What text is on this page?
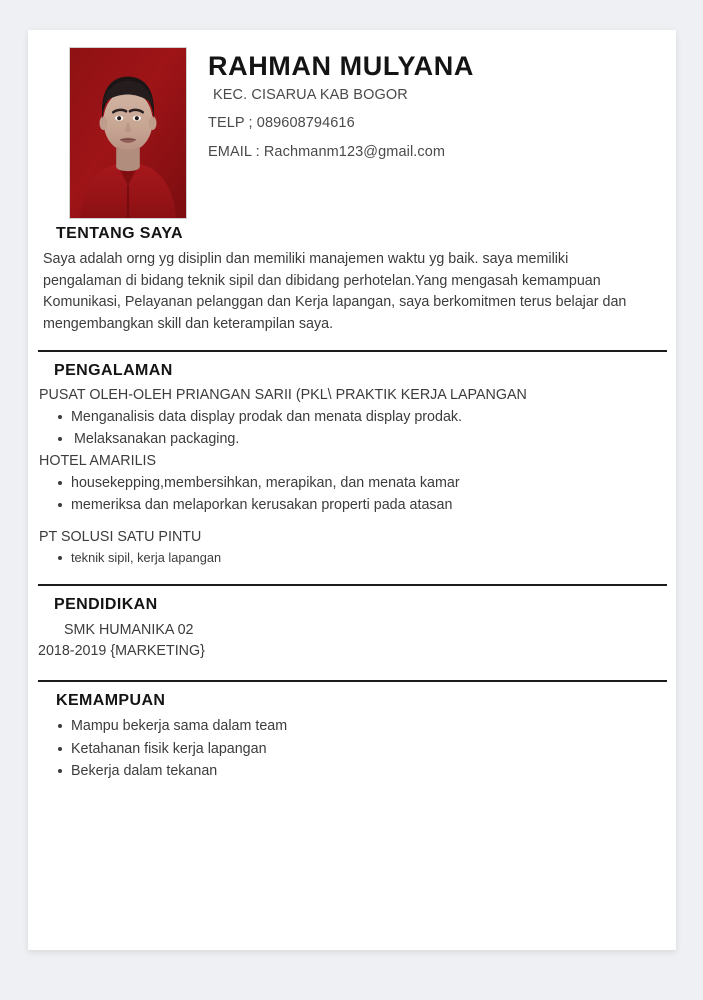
RAHMAN MULYANA

KEC. CISARUA KAB BOGOR

TELP ; 089608794616

EMAIL : Rachmanm123@gmail.com

TENTANG SAYA

Saya adalah orng yg disiplin dan memiliki manajemen waktu yg baik. saya memiliki pengalaman di bidang teknik sipil dan dibidang perhotelan.Yang mengasah kemampuan Komunikasi, Pelayanan pelanggan dan Kerja lapangan, saya berkomitmen terus belajar dan mengembangkan skill dan keterampilan saya.

PENGALAMAN

PUSAT OLEH-OLEH PRIANGAN SARII (PKL\ PRAKTIK KERJA LAPANGAN

Menganalisis data display prodak dan menata display prodak.
Melaksanakan packaging.

HOTEL AMARILIS

housekepping,membersihkan, merapikan, dan menata kamar
memeriksa dan melaporkan kerusakan properti pada atasan

PT SOLUSI SATU PINTU

teknik sipil, kerja lapangan
PENDIDIKAN

SMK HUMANIKA 02

2018-2019 {MARKETING}

KEMAMPUAN
Mampu bekerja sama dalam team
Ketahanan fisik kerja lapangan
Bekerja dalam tekanan
